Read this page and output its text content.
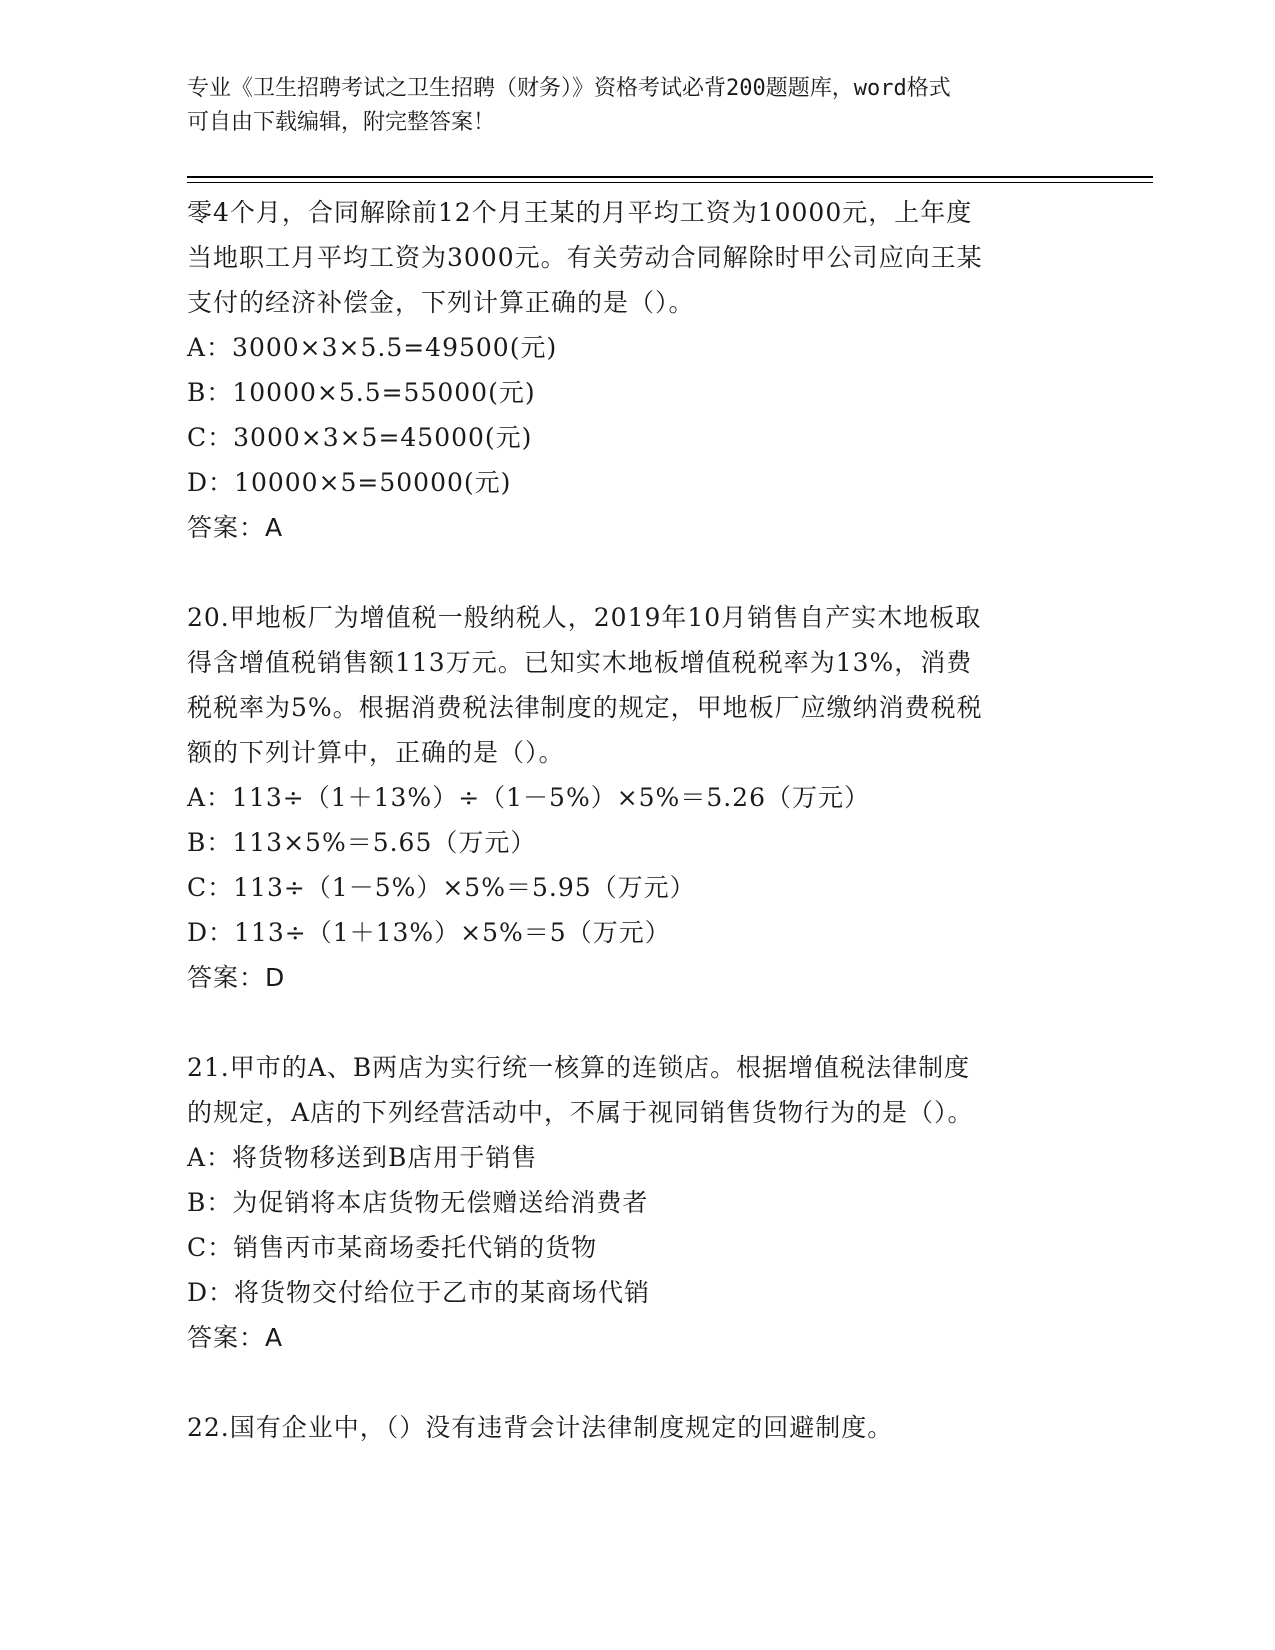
专业《卫生招聘考试之卫生招聘（财务）》资格考试必背200题题库，word格式
可自由下载编辑，附完整答案！
零4个月，合同解除前12个月王某的月平均工资为10000元，上年度
当地职工月平均工资为3000元。有关劳动合同解除时甲公司应向王某
支付的经济补偿金，下列计算正确的是（）。
A：3000×3×5.5=49500(元)
B：10000×5.5=55000(元)
C：3000×3×5=45000(元)
D：10000×5=50000(元)
答案：A
20.甲地板厂为增值税一般纳税人，2019年10月销售自产实木地板取
得含增值税销售额113万元。已知实木地板增值税税率为13%，消费
税税率为5%。根据消费税法律制度的规定，甲地板厂应缴纳消费税税
额的下列计算中，正确的是（）。
A：113÷（1＋13%）÷（1－5%）×5%＝5.26（万元）
B：113×5%＝5.65（万元）
C：113÷（1－5%）×5%＝5.95（万元）
D：113÷（1＋13%）×5%＝5（万元）
答案：D
21.甲市的A、B两店为实行统一核算的连锁店。根据增值税法律制度
的规定，A店的下列经营活动中，不属于视同销售货物行为的是（）。
A：将货物移送到B店用于销售
B：为促销将本店货物无偿赠送给消费者
C：销售丙市某商场委托代销的货物
D：将货物交付给位于乙市的某商场代销
答案：A
22.国有企业中，（）没有违背会计法律制度规定的回避制度。
